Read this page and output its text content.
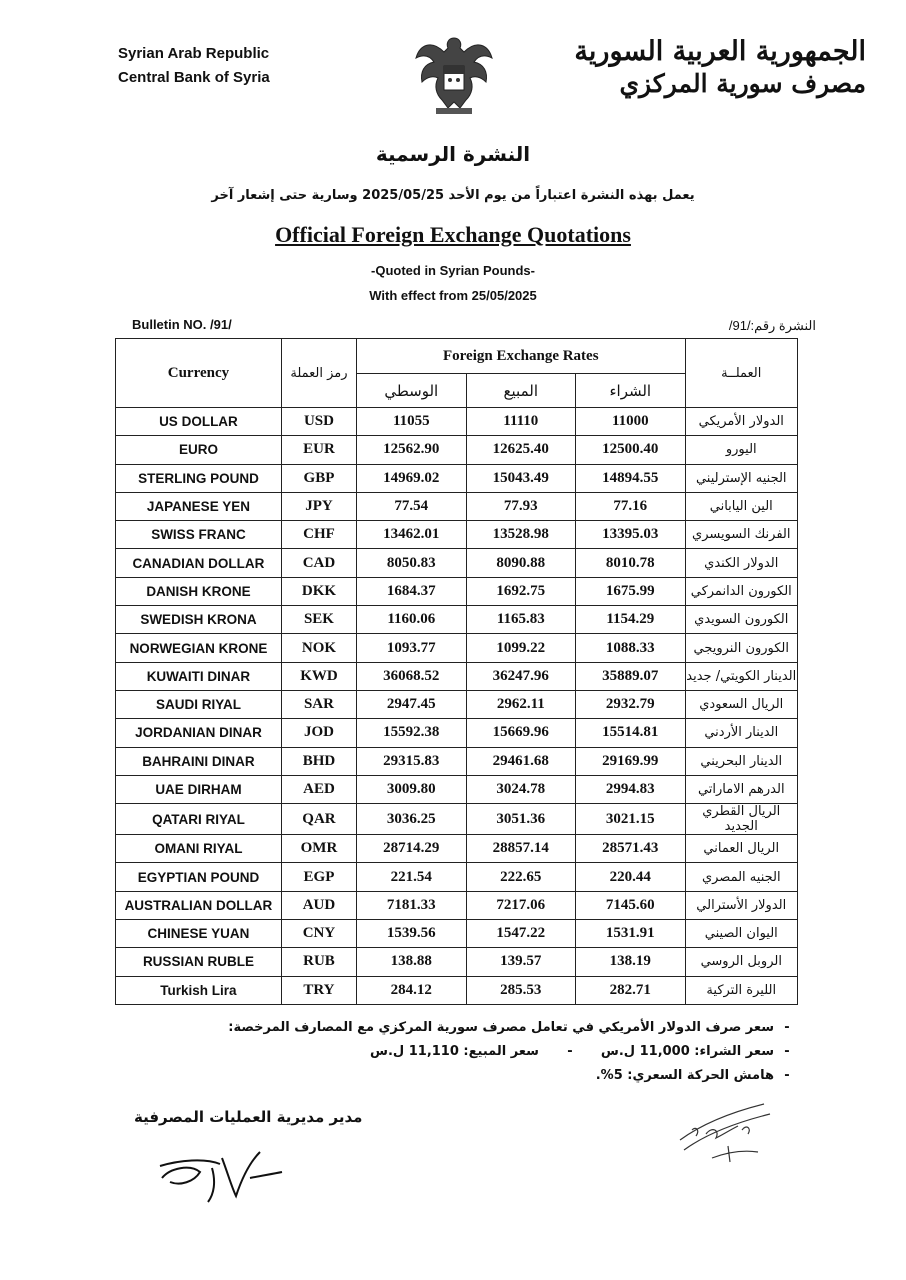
Syrian Arab Republic
Central Bank of Syria
الجمهورية العربية السورية
مصرف سورية المركزي
النشرة الرسمية
يعمل بهذه النشرة اعتباراً من يوم الأحد 2025/05/25 وسارية حتى إشعار آخر
Official Foreign Exchange Quotations
-Quoted in Syrian Pounds-
With effect from 25/05/2025
Bulletin NO. /91/	النشرة رقم:/91/
Currency	رمز العملة	Foreign Exchange Rates			العملــة
		الوسطي	المبيع	الشراء	
US DOLLAR	USD	11055	11110	11000	الدولار الأمريكي
EURO	EUR	12562.90	12625.40	12500.40	اليورو
STERLING POUND	GBP	14969.02	15043.49	14894.55	الجنيه الإسترليني
JAPANESE YEN	JPY	77.54	77.93	77.16	الين الياباني
SWISS FRANC	CHF	13462.01	13528.98	13395.03	الفرنك السويسري
CANADIAN DOLLAR	CAD	8050.83	8090.88	8010.78	الدولار الكندي
DANISH KRONE	DKK	1684.37	1692.75	1675.99	الكورون الدانمركي
SWEDISH KRONA	SEK	1160.06	1165.83	1154.29	الكورون السويدي
NORWEGIAN KRONE	NOK	1093.77	1099.22	1088.33	الكورون النرويجي
KUWAITI DINAR	KWD	36068.52	36247.96	35889.07	الدينار الكويتي/ جديد
SAUDI RIYAL	SAR	2947.45	2962.11	2932.79	الريال السعودي
JORDANIAN DINAR	JOD	15592.38	15669.96	15514.81	الدينار الأردني
BAHRAINI DINAR	BHD	29315.83	29461.68	29169.99	الدينار البحريني
UAE DIRHAM	AED	3009.80	3024.78	2994.83	الدرهم الاماراتي
QATARI RIYAL	QAR	3036.25	3051.36	3021.15	الريال القطري الجديد
OMANI RIYAL	OMR	28714.29	28857.14	28571.43	الريال العماني
EGYPTIAN POUND	EGP	221.54	222.65	220.44	الجنيه المصري
AUSTRALIAN DOLLAR	AUD	7181.33	7217.06	7145.60	الدولار الأسترالي
CHINESE YUAN	CNY	1539.56	1547.22	1531.91	اليوان الصيني
RUSSIAN RUBLE	RUB	138.88	139.57	138.19	الروبل الروسي
Turkish Lira	TRY	284.12	285.53	282.71	الليرة التركية
-سعر صرف الدولار الأمريكي في تعامل مصرف سورية المركزي مع المصارف المرخصة:
-سعر الشراء: 11,000 ل.س-سعر المبيع: 11,110 ل.س
-هامش الحركة السعري: 5%.
مدير مديرية العمليات المصرفية
